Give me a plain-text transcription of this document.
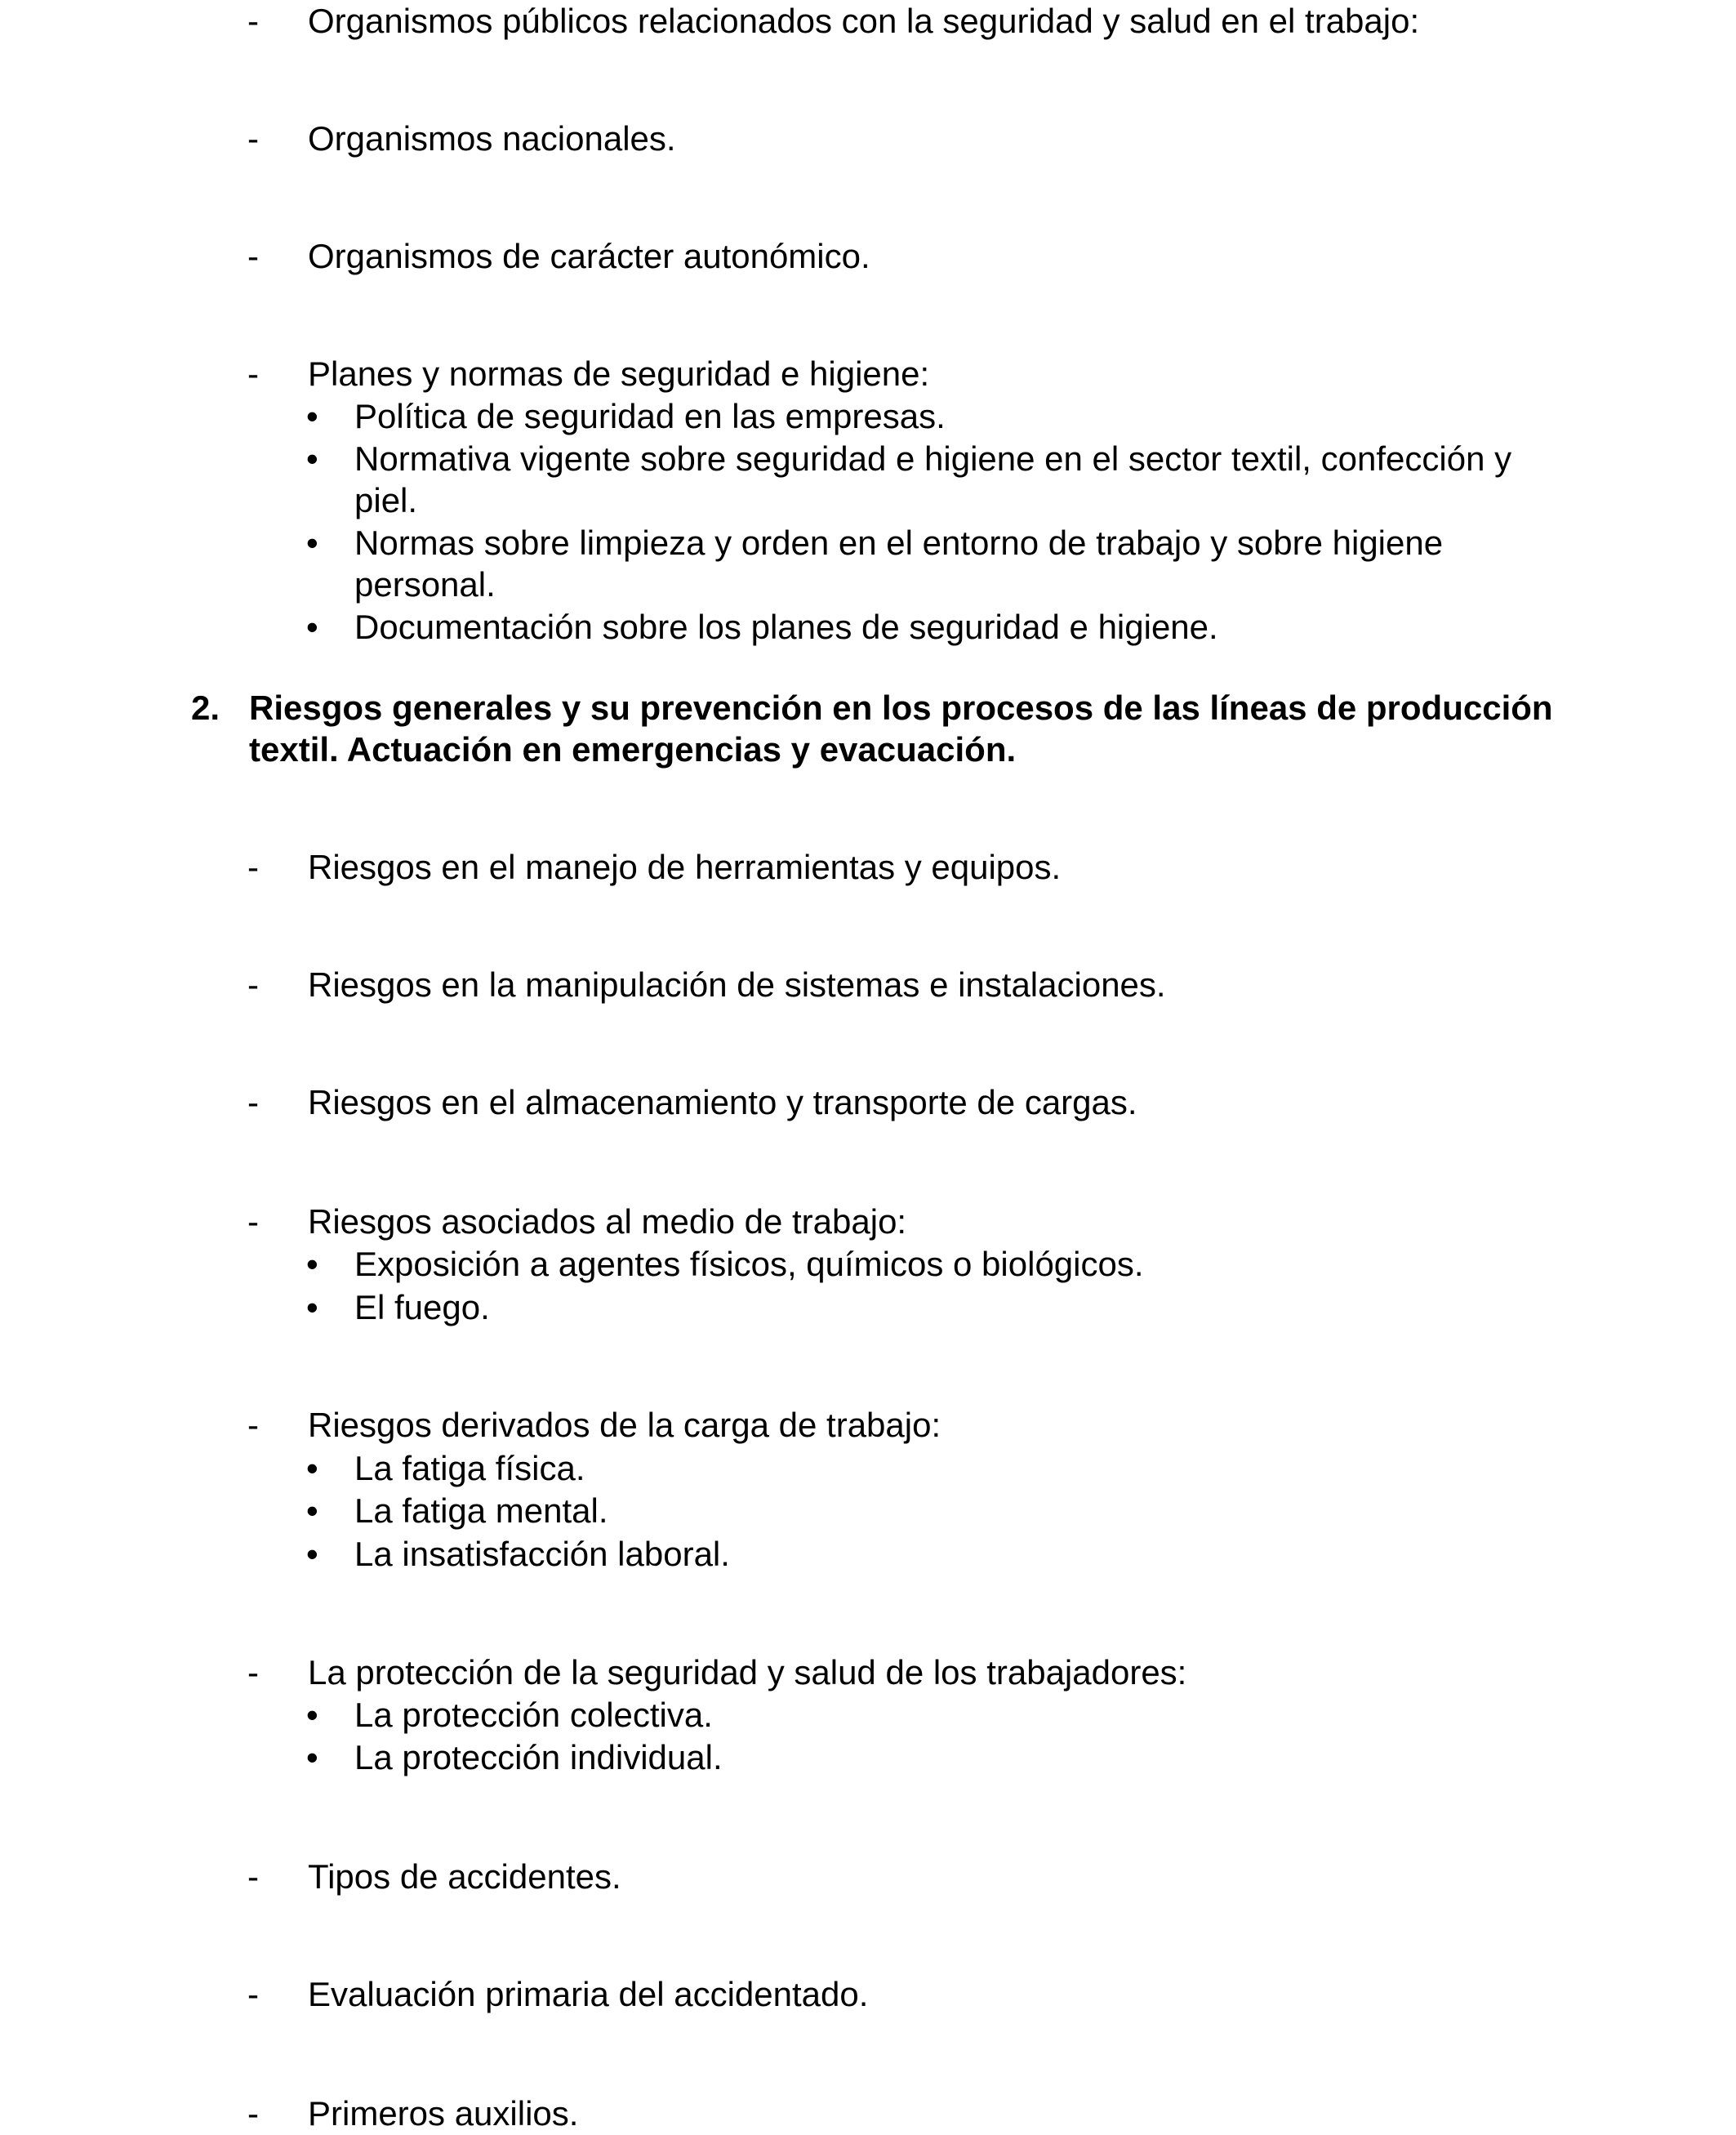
- Organismos públicos relacionados con la seguridad y salud en el trabajo:
- Organismos nacionales.
- Organismos de carácter autonómico.
- Planes y normas de seguridad e higiene:
• Política de seguridad en las empresas.
• Normativa vigente sobre seguridad e higiene en el sector textil, confección y
piel.
• Normas sobre limpieza y orden en el entorno de trabajo y sobre higiene
personal.
• Documentación sobre los planes de seguridad e higiene.
2. Riesgos generales y su prevención en los procesos de las líneas de producción
textil. Actuación en emergencias y evacuación.
- Riesgos en el manejo de herramientas y equipos.
- Riesgos en la manipulación de sistemas e instalaciones.
- Riesgos en el almacenamiento y transporte de cargas.
- Riesgos asociados al medio de trabajo:
• Exposición a agentes físicos, químicos o biológicos.
• El fuego.
- Riesgos derivados de la carga de trabajo:
• La fatiga física.
• La fatiga mental.
• La insatisfacción laboral.
- La protección de la seguridad y salud de los trabajadores:
• La protección colectiva.
• La protección individual.
- Tipos de accidentes.
- Evaluación primaria del accidentado.
- Primeros auxilios.
